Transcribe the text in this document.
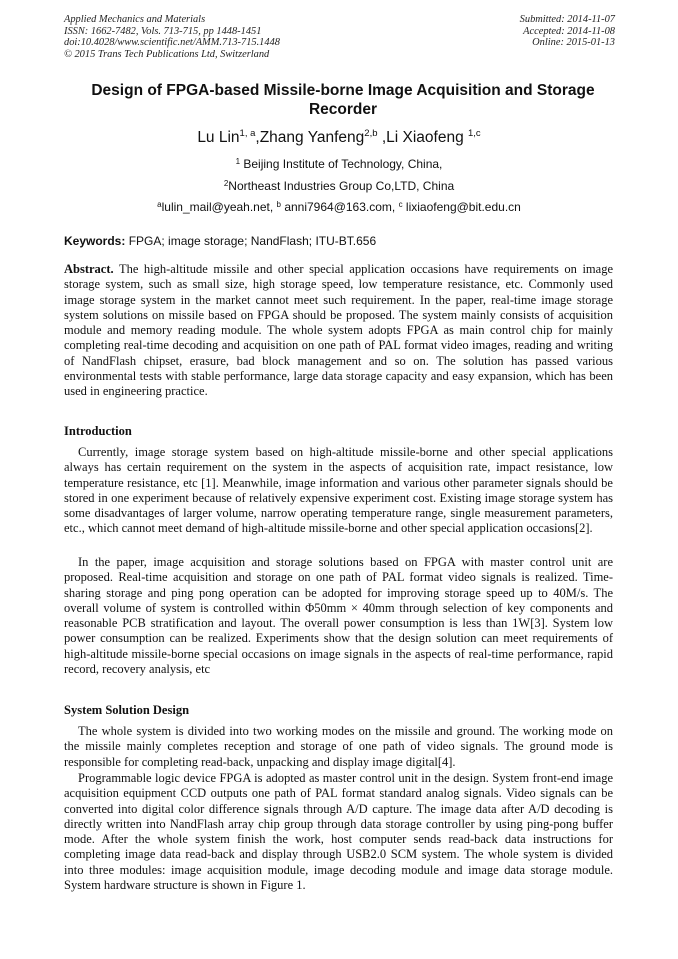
Applied Mechanics and Materials
ISSN: 1662-7482, Vols. 713-715, pp 1448-1451
doi:10.4028/www.scientific.net/AMM.713-715.1448
© 2015 Trans Tech Publications Ltd, Switzerland
Submitted: 2014-11-07
Accepted: 2014-11-08
Online: 2015-01-13
Design of FPGA-based Missile-borne Image Acquisition and Storage Recorder
Lu Lin$^{1, a}$,Zhang Yanfeng$^{2,b}$ ,Li Xiaofeng $^{1,c}$
$^1$ Beijing Institute of Technology, China,
$^2$Northeast Industries Group Co,LTD, China
$^a$lulin_mail@yeah.net, $^b$ anni7964@163.com, $^c$ lixiaofeng@bit.edu.cn
Keywords: FPGA; image storage; NandFlash; ITU-BT.656

Abstract. The high-altitude missile and other special application occasions have requirements on image storage system, such as small size, high storage speed, low temperature resistance, etc. Commonly used image storage system in the market cannot meet such requirement. In the paper, real-time image storage system solutions on missile based on FPGA should be proposed. The system mainly consists of acquisition module and memory reading module. The whole system adopts FPGA as main control chip for mainly completing real-time decoding and acquisition on one path of PAL format video images, reading and writing of NandFlash chipset, erasure, bad block management and so on. The solution has passed various environmental tests with stable performance, large data storage capacity and easy expansion, which has been used in engineering practice.

Introduction

Currently, image storage system based on high-altitude missile-borne and other special applications always has certain requirement on the system in the aspects of acquisition rate, impact resistance, low temperature resistance, etc [1]. Meanwhile, image information and various other parameter signals should be stored in one experiment because of relatively expensive experiment cost. Existing image storage system has some disadvantages of larger volume, narrow operating temperature range, single measurement parameters, etc., which cannot meet demand of high-altitude missile-borne and other special application occasions[2].

In the paper, image acquisition and storage solutions based on FPGA with master control unit are proposed. Real-time acquisition and storage on one path of PAL format video signals is realized. Time-sharing storage and ping pong operation can be adopted for improving storage speed up to 40M/s. The overall volume of system is controlled within Φ50mm × 40mm through selection of key components and reasonable PCB stratification and layout. The overall power consumption is less than 1W[3]. System low power consumption can be realized. Experiments show that the design solution can meet requirements of high-altitude missile-borne special occasions on image signals in the aspects of real-time performance, rapid record, recovery analysis, etc

System Solution Design

The whole system is divided into two working modes on the missile and ground. The working mode on the missile mainly completes reception and storage of one path of video signals. The ground mode is responsible for completing read-back, unpacking and display image digital[4].

Programmable logic device FPGA is adopted as master control unit in the design. System front-end image acquisition equipment CCD outputs one path of PAL format standard analog signals. Video signals can be converted into digital color difference signals through A/D capture. The image data after A/D decoding is directly written into NandFlash array chip group through data storage controller by using ping-pong buffer mode. After the whole system finish the work, host computer sends read-back data instructions for completing image data read-back and display through USB2.0 SCM system. The whole system is divided into three modules: image acquisition module, image decoding module and image data storage module. System hardware structure is shown in Figure 1.
